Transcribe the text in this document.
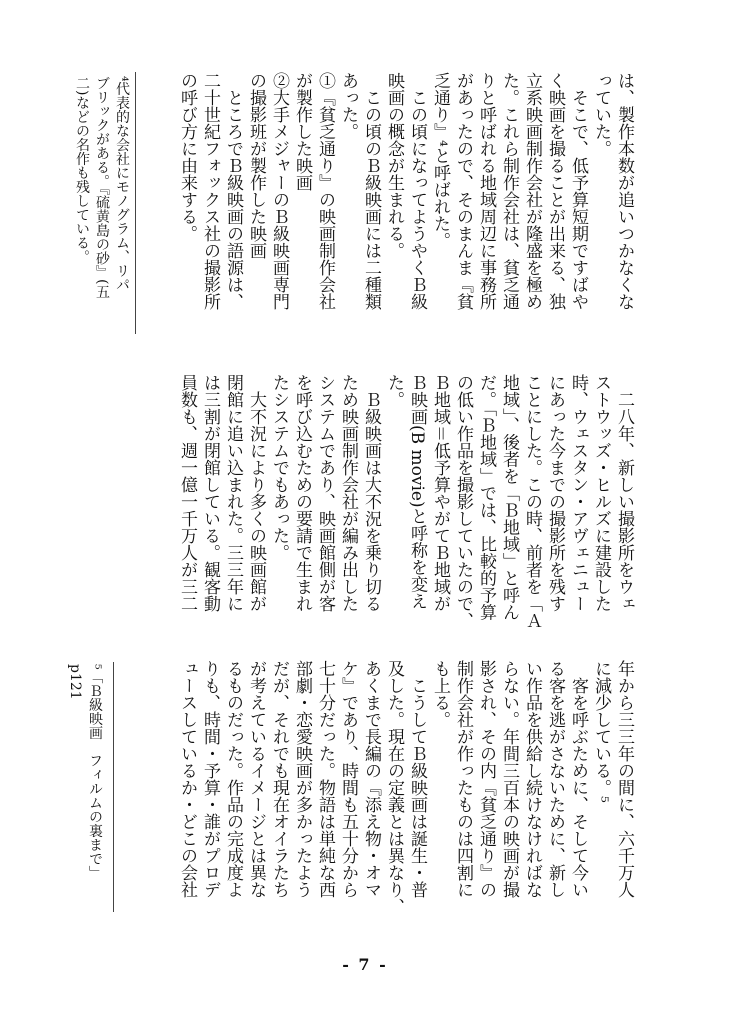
は、製作本数が追いつかなくな
っていた。
　そこで、低予算短期ですばや
く映画を撮ることが出来る、独
立系映画制作会社が隆盛を極め
た。これら制作会社は、貧乏通
りと呼ばれる地域周辺に事務所
があったので、そのまんま『貧
乏通り』⁴と呼ばれた。
　この頃になってようやくＢ級
映画の概念が生まれる。
　この頃のＢ級映画には二種類
あった。
①『貧乏通り』の映画制作会社
が製作した映画
②大手メジャーのＢ級映画専門
の撮影班が製作した映画
　ところでＢ級映画の語源は、
二十世紀フォックス社の撮影所
の呼び方に由来する。
　二八年、新しい撮影所をウェ
ストウッズ・ヒルズに建設した
時、ウェスタン・アヴェニュー
にあった今までの撮影所を残す
ことにした。この時、前者を「Ａ
地域」、後者を「Ｂ地域」と呼ん
だ。「Ｂ地域」では、比較的予算
の低い作品を撮影していたので、
Ｂ地域＝低予算やがてＢ地域が
Ｂ映画(B movie)と呼称を変え
た。
　Ｂ級映画は大不況を乗り切る
ため映画制作会社が編み出した
システムであり、映画館側が客
を呼び込むための要請で生まれ
たシステムでもあった。
　大不況により多くの映画館が
閉館に追い込まれた。三三年に
は三割が閉館している。観客動
員数も、週一億一千万人が三二
年から三三年の間に、六千万人
に減少している。⁵
　客を呼ぶために、そして今い
る客を逃がさないために、新し
い作品を供給し続けなければな
らない。年間三百本の映画が撮
影され、その内『貧乏通り』の
制作会社が作ったものは四割に
も上る。
　こうしてＢ級映画は誕生・普
及した。現在の定義とは異なり、
あくまで長編の『添え物・オマ
ケ』であり、時間も五十分から
七十分だった。物語は単純な西
部劇・恋愛映画が多かったよう
だが、それでも現在オイラたち
が考えているイメージとは異な
るものだった。作品の完成度よ
りも、時間・予算・誰がプロデ
ュースしているか・どこの会社
⁴代表的な会社にモノグラム、リパ
ブリックがある。『硫黄島の砂』(五
二)などの名作も残している。
⁵「Ｂ級映画　フィルムの裏まで」
p121
- 7 -
